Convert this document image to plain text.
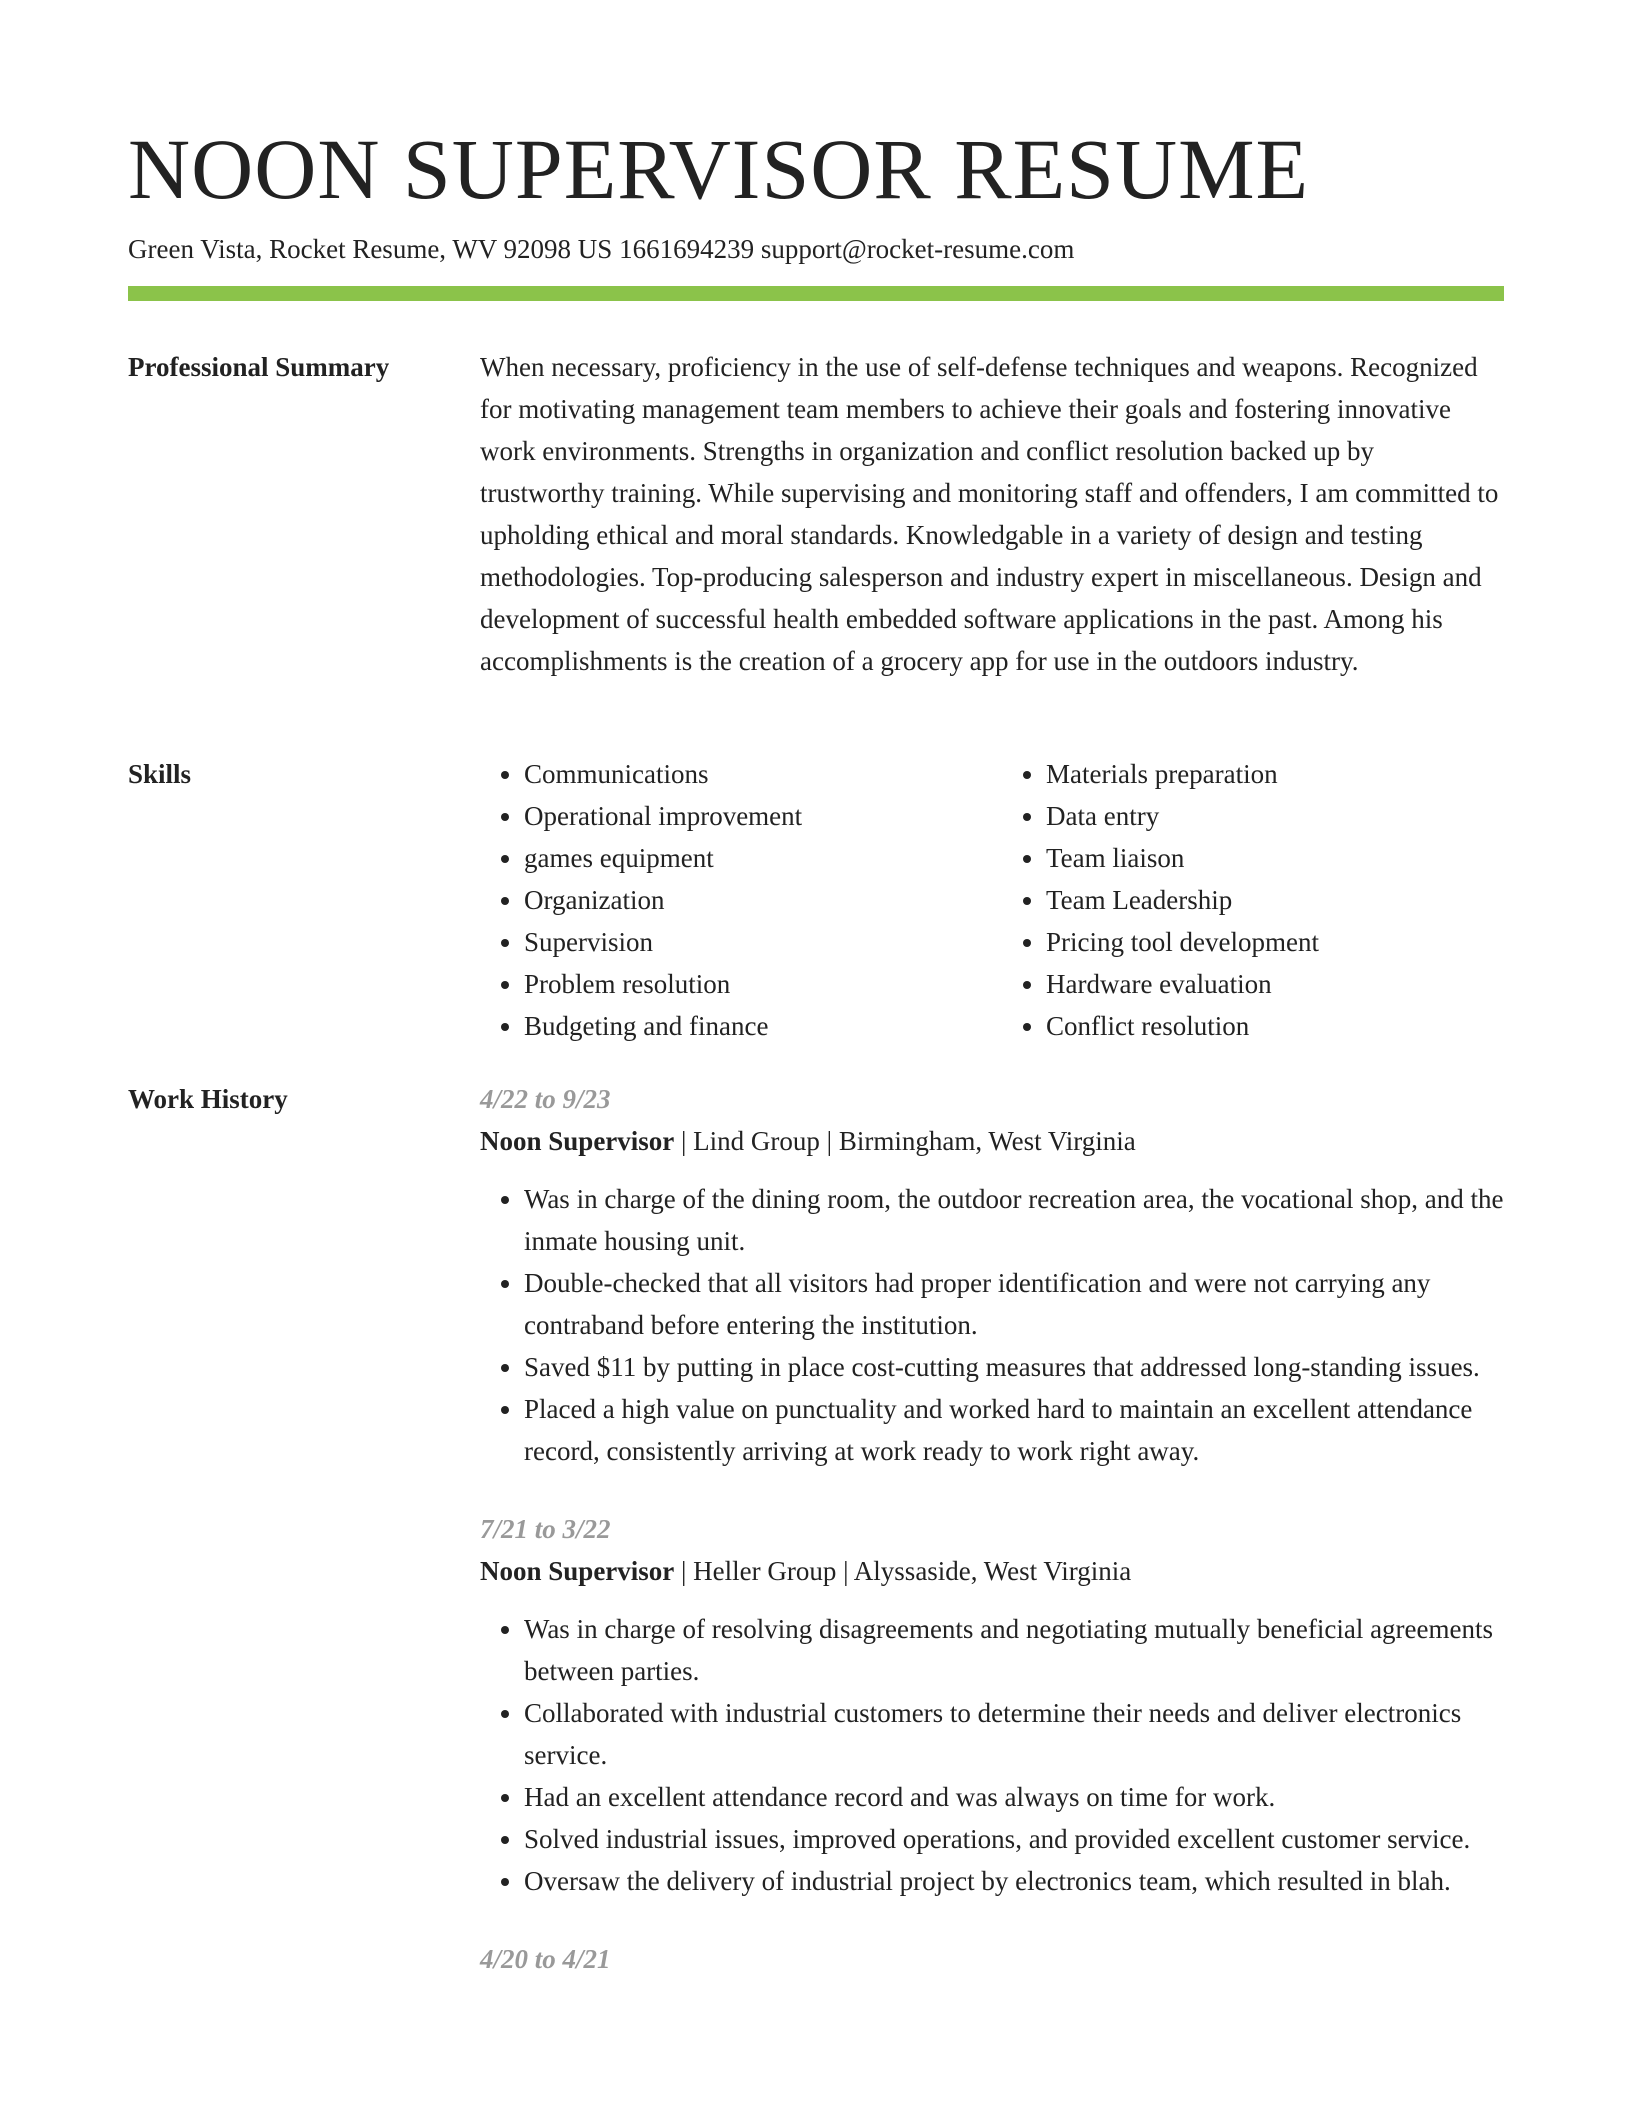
NOON SUPERVISOR RESUME
Green Vista, Rocket Resume, WV 92098 US 1661694239 support@rocket-resume.com
Professional Summary	When necessary, proficiency in the use of self-defense techniques and weapons. Recognized for motivating management team members to achieve their goals and fostering innovative work environments. Strengths in organization and conflict resolution backed up by trustworthy training. While supervising and monitoring staff and offenders, I am committed to upholding ethical and moral standards. Knowledgable in a variety of design and testing methodologies. Top-producing salesperson and industry expert in miscellaneous. Design and development of successful health embedded software applications in the past. Among his accomplishments is the creation of a grocery app for use in the outdoors industry.

Skills
•	Communications
• Operational improvement
• games equipment
• Organization
• Supervision
• Problem resolution
• Budgeting and finance
• Materials preparation
• Data entry
• Team liaison
• Team Leadership
• Pricing tool development
• Hardware evaluation
• Conflict resolution
Work History	4/22 to 9/23
Noon Supervisor | Lind Group | Birmingham, West Virginia
• Was in charge of the dining room, the outdoor recreation area, the vocational shop, and the inmate housing unit.
• Double-checked that all visitors had proper identification and were not carrying any contraband before entering the institution.
• Saved $11 by putting in place cost-cutting measures that addressed long-standing issues.
• Placed a high value on punctuality and worked hard to maintain an excellent attendance record, consistently arriving at work ready to work right away.
7/21 to 3/22
Noon Supervisor | Heller Group | Alyssaside, West Virginia
• Was in charge of resolving disagreements and negotiating mutually beneficial agreements between parties.
• Collaborated with industrial customers to determine their needs and deliver electronics service.
• Had an excellent attendance record and was always on time for work.
• Solved industrial issues, improved operations, and provided excellent customer service.
• Oversaw the delivery of industrial project by electronics team, which resulted in blah.
4/20 to 4/21
